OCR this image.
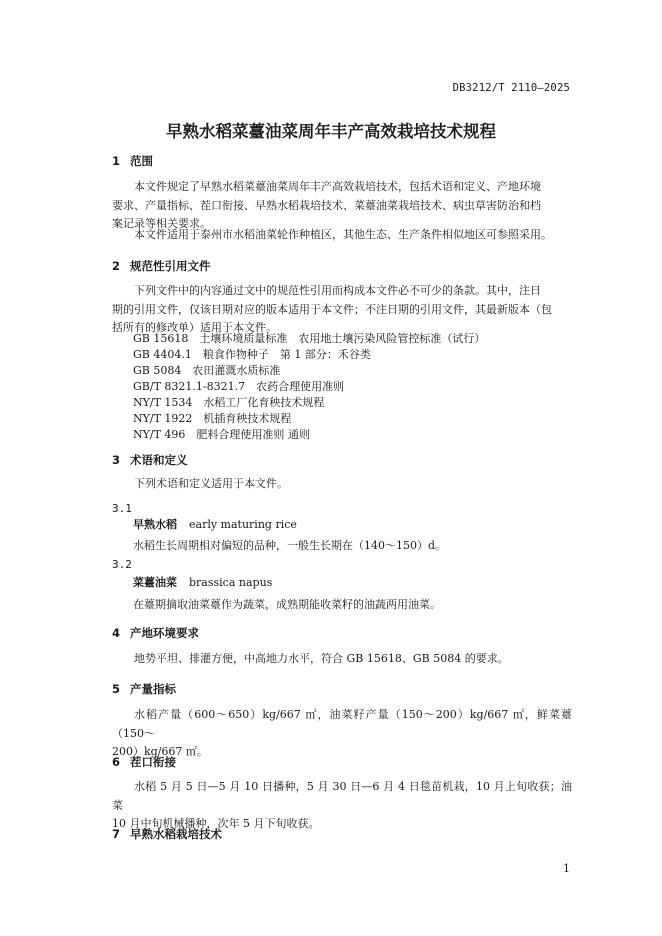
DB3212/T 2110—2025
早熟水稻菜薹油菜周年丰产高效栽培技术规程
1 范围
本文件规定了早熟水稻菜薹油菜周年丰产高效栽培技术，包括术语和定义、产地环境
要求、产量指标、茬口衔接、早熟水稻栽培技术、菜薹油菜栽培技术、病虫草害防治和档
案记录等相关要求。
本文件适用于泰州市水稻油菜轮作种植区，其他生态、生产条件相似地区可参照采用。
2 规范性引用文件
下列文件中的内容通过文中的规范性引用而构成本文件必不可少的条款。其中，注日
期的引用文件，仅该日期对应的版本适用于本文件；不注日期的引用文件，其最新版本（包
括所有的修改单）适用于本文件。
GB 15618　土壤环境质量标准　农用地土壤污染风险管控标准（试行）
GB 4404.1　粮食作物种子　第 1 部分：禾谷类
GB 5084　农田灌溉水质标准
GB/T 8321.1-8321.7　农药合理使用准则
NY/T 1534　水稻工厂化育秧技术规程
NY/T 1922　机插育秧技术规程
NY/T 496　肥料合理使用准则 通则
3 术语和定义
下列术语和定义适用于本文件。
3.1
早熟水稻 early maturing rice
水稻生长周期相对偏短的品种，一般生长期在（140～150）d。
3.2
菜薹油菜 brassica napus
在薹期摘取油菜薹作为蔬菜，成熟期能收菜籽的油蔬两用油菜。
4 产地环境要求
地势平坦、排灌方便，中高地力水平，符合 GB 15618、GB 5084 的要求。
5 产量指标
水稻产量（600～650）kg/667 ㎡，油菜籽产量（150～200）kg/667 ㎡，鲜菜薹（150～
200）kg/667 ㎡。
6 茬口衔接
水稻 5 月 5 日—5 月 10 日播种，5 月 30 日—6 月 4 日毯苗机栽，10 月上旬收获；油菜
10 月中旬机械播种，次年 5 月下旬收获。
7 早熟水稻栽培技术
1
